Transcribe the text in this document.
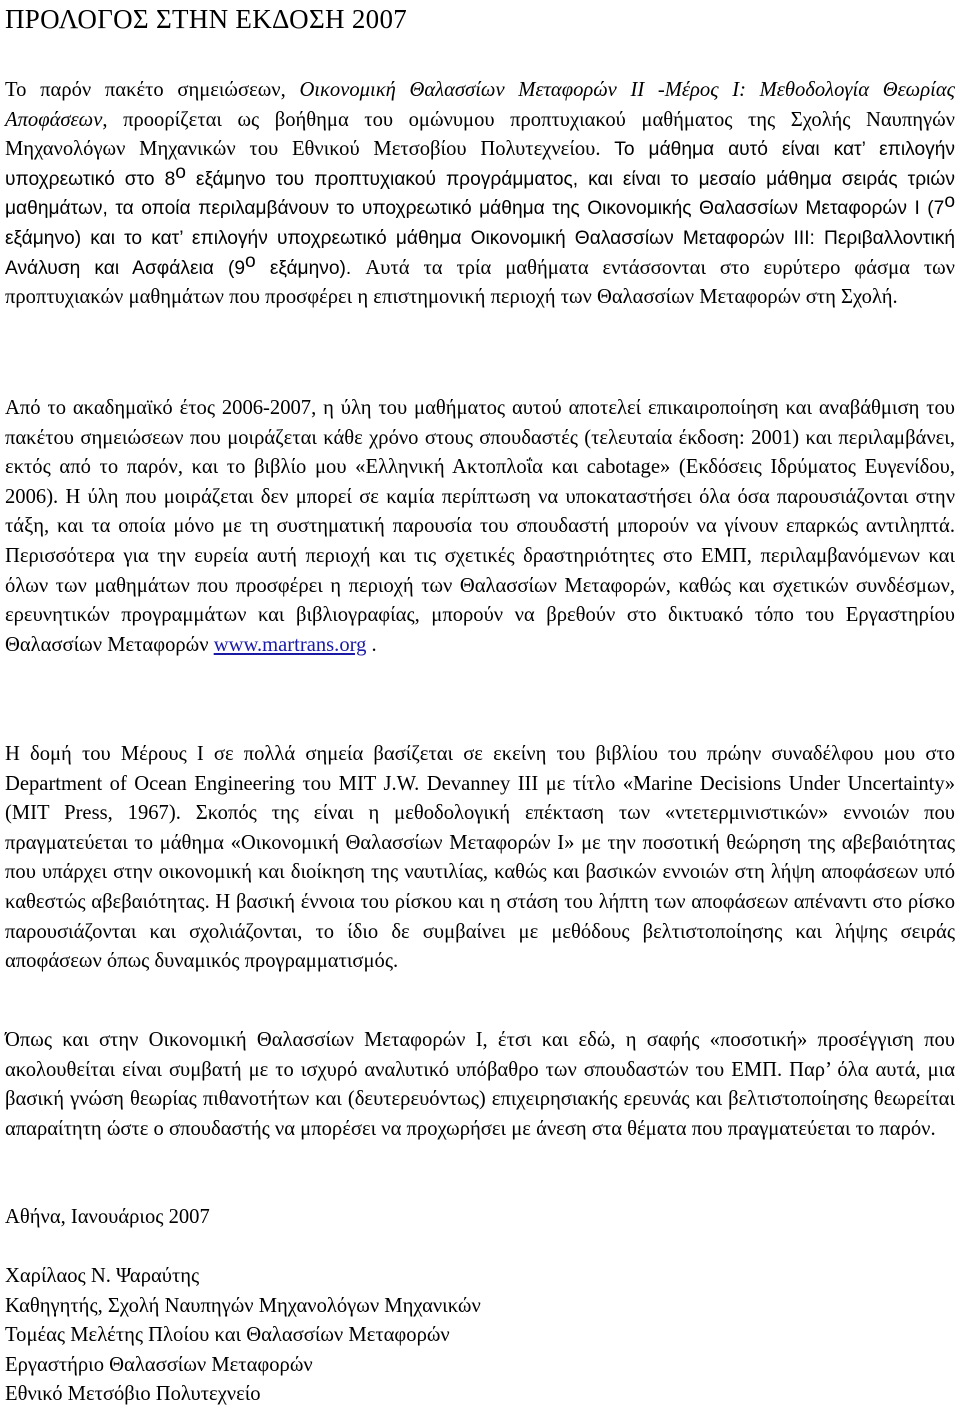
ΠΡΟΛΟΓΟΣ ΣΤΗΝ ΕΚΔΟΣΗ 2007

Το παρόν πακέτο σημειώσεων, Οικονομική Θαλασσίων Μεταφορών ΙΙ -Μέρος Ι: Μεθοδολογία Θεωρίας Αποφάσεων, προορίζεται ως βοήθημα του ομώνυμου προπτυχιακού μαθήματος της Σχολής Ναυπηγών Μηχανολόγων Μηχανικών του Εθνικού Μετσοβίου Πολυτεχνείου. Το μάθημα αυτό είναι κατ’ επιλογήν υποχρεωτικό στο $8^o$ εξάμηνο του προπτυχιακού προγράμματος, και είναι το μεσαίο μάθημα σειράς τριών μαθημάτων, τα οποία περιλαμβάνουν το υποχρεωτικό μάθημα της Οικονομικής Θαλασσίων Μεταφορών Ι ($7^o$ εξάμηνο) και το κατ’ επιλογήν υποχρεωτικό μάθημα Οικονομική Θαλασσίων Μεταφορών ΙΙΙ: Περιβαλλοντική Ανάλυση και Ασφάλεια ($9^o$ εξάμηνο). Αυτά τα τρία μαθήματα εντάσσονται στο ευρύτερο φάσμα των προπτυχιακών μαθημάτων που προσφέρει η επιστημονική περιοχή των Θαλασσίων Μεταφορών στη Σχολή.

Από το ακαδημαϊκό έτος 2006-2007, η ύλη του μαθήματος αυτού αποτελεί επικαιροποίηση και αναβάθμιση του πακέτου σημειώσεων που μοιράζεται κάθε χρόνο στους σπουδαστές (τελευταία έκδοση: 2001) και περιλαμβάνει, εκτός από το παρόν, και το βιβλίο μου «Ελληνική Ακτοπλοΐα και cabotage» (Εκδόσεις Ιδρύματος Ευγενίδου, 2006). Η ύλη που μοιράζεται δεν μπορεί σε καμία περίπτωση να υποκαταστήσει όλα όσα παρουσιάζονται στην τάξη, και τα οποία μόνο με τη συστηματική παρουσία του σπουδαστή μπορούν να γίνουν επαρκώς αντιληπτά. Περισσότερα για την ευρεία αυτή περιοχή και τις σχετικές δραστηριότητες στο ΕΜΠ, περιλαμβανόμενων και όλων των μαθημάτων που προσφέρει η περιοχή των Θαλασσίων Μεταφορών, καθώς και σχετικών συνδέσμων, ερευνητικών προγραμμάτων και βιβλιογραφίας, μπορούν να βρεθούν στο δικτυακό τόπο του Εργαστηρίου Θαλασσίων Μεταφορών www.martrans.org .

Η δομή του Μέρους Ι σε πολλά σημεία βασίζεται σε εκείνη του βιβλίου του πρώην συναδέλφου μου στο Department of Ocean Engineering του MIT J.W. Devanney III με τίτλο «Marine Decisions Under Uncertainty» (MIT Press, 1967). Σκοπός της είναι η μεθοδολογική επέκταση των «ντετερμινιστικών» εννοιών που πραγματεύεται το μάθημα «Οικονομική Θαλασσίων Μεταφορών Ι» με την ποσοτική θεώρηση της αβεβαιότητας που υπάρχει στην οικονομική και διοίκηση της ναυτιλίας, καθώς και βασικών εννοιών στη λήψη αποφάσεων υπό καθεστώς αβεβαιότητας. Η βασική έννοια του ρίσκου και η στάση του λήπτη των αποφάσεων απέναντι στο ρίσκο παρουσιάζονται και σχολιάζονται, το ίδιο δε συμβαίνει με μεθόδους βελτιστοποίησης και λήψης σειράς αποφάσεων όπως δυναμικός προγραμματισμός.

Όπως και στην Οικονομική Θαλασσίων Μεταφορών Ι, έτσι και εδώ, η σαφής «ποσοτική» προσέγγιση που ακολουθείται είναι συμβατή με το ισχυρό αναλυτικό υπόβαθρο των σπουδαστών του ΕΜΠ. Παρ’ όλα αυτά, μια βασική γνώση θεωρίας πιθανοτήτων και (δευτερευόντως) επιχειρησιακής ερευνάς και βελτιστοποίησης θεωρείται απαραίτητη ώστε ο σπουδαστής να μπορέσει να προχωρήσει με άνεση στα θέματα που πραγματεύεται το παρόν.

Αθήνα, Ιανουάριος 2007
Χαρίλαος Ν. Ψαραύτης
Καθηγητής, Σχολή Ναυπηγών Μηχανολόγων Μηχανικών
Τομέας Μελέτης Πλοίου και Θαλασσίων Μεταφορών
Εργαστήριο Θαλασσίων Μεταφορών
Εθνικό Μετσόβιο Πολυτεχνείο
